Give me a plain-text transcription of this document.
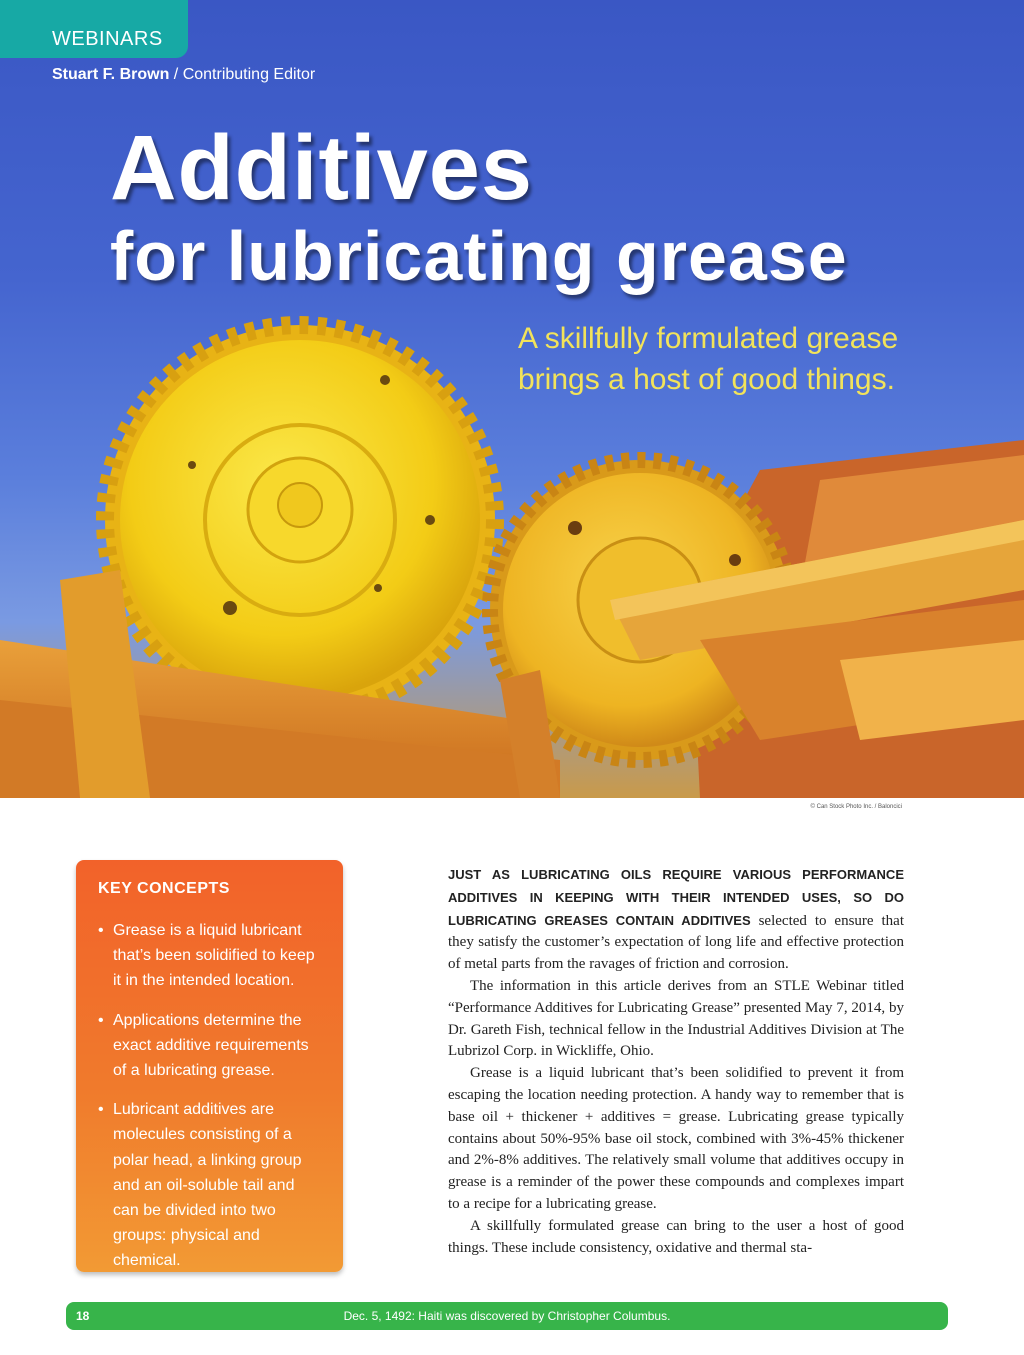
WEBINARS
Stuart F. Brown / Contributing Editor
Additives
for lubricating grease
A skillfully formulated grease
brings a host of good things.
© Can Stock Photo Inc. / Baloncici
KEY CONCEPTS
• Grease is a liquid lubricant that’s been solidified to keep it in the intended location.
• Applications determine the exact additive requirements of a lubricating grease.
• Lubricant additives are molecules consisting of a polar head, a linking group and an oil-soluble tail and can be divided into two groups: physical and chemical.

JUST AS LUBRICATING OILS REQUIRE VARIOUS PERFORMANCE ADDITIVES IN KEEPING WITH THEIR INTENDED USES, SO DO LUBRICATING GREASES CONTAIN ADDITIVES selected to ensure that they satisfy the customer’s expectation of long life and effective protection of metal parts from the ravages of friction and corrosion.

The information in this article derives from an STLE Webinar titled “Performance Additives for Lubricating Grease” presented May 7, 2014, by Dr. Gareth Fish, technical fellow in the Industrial Additives Division at The Lubrizol Corp. in Wickliffe, Ohio.

Grease is a liquid lubricant that’s been solidified to prevent it from escaping the location needing protection. A handy way to remember that is base oil + thickener + additives = grease. Lubricating grease typically contains about 50%-95% base oil stock, combined with 3%-45% thickener and 2%-8% additives. The relatively small volume that additives occupy in grease is a reminder of the power these compounds and complexes impart to a recipe for a lubricating grease.

A skillfully formulated grease can bring to the user a host of good things. These include consistency, oxidative and thermal sta-

Dec. 5, 1492: Haiti was discovered by Christopher Columbus.
18
